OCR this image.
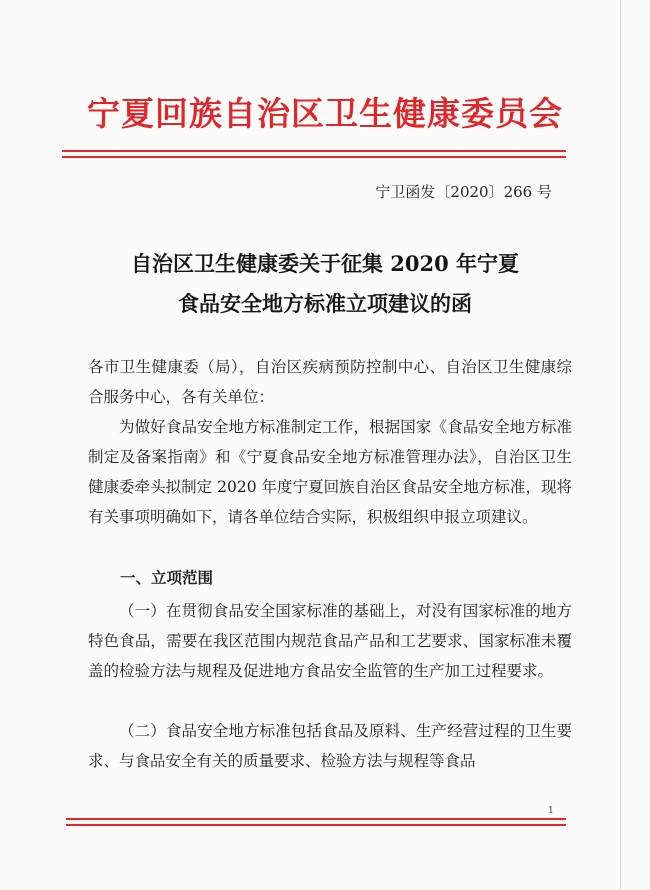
宁夏回族自治区卫生健康委员会
宁卫函发〔2020〕266 号
自治区卫生健康委关于征集 2020 年宁夏
食品安全地方标准立项建议的函
各市卫生健康委（局），自治区疾病预防控制中心、自治区卫生健康综合服务中心，各有关单位：
为做好食品安全地方标准制定工作，根据国家《食品安全地方标准制定及备案指南》和《宁夏食品安全地方标准管理办法》，自治区卫生健康委牵头拟制定 2020 年度宁夏回族自治区食品安全地方标准，现将有关事项明确如下，请各单位结合实际，积极组织申报立项建议。
一、立项范围
（一）在贯彻食品安全国家标准的基础上，对没有国家标准的地方特色食品，需要在我区范围内规范食品产品和工艺要求、国家标准未覆盖的检验方法与规程及促进地方食品安全监管的生产加工过程要求。
（二）食品安全地方标准包括食品及原料、生产经营过程的卫生要求、与食品安全有关的质量要求、检验方法与规程等食品
1
